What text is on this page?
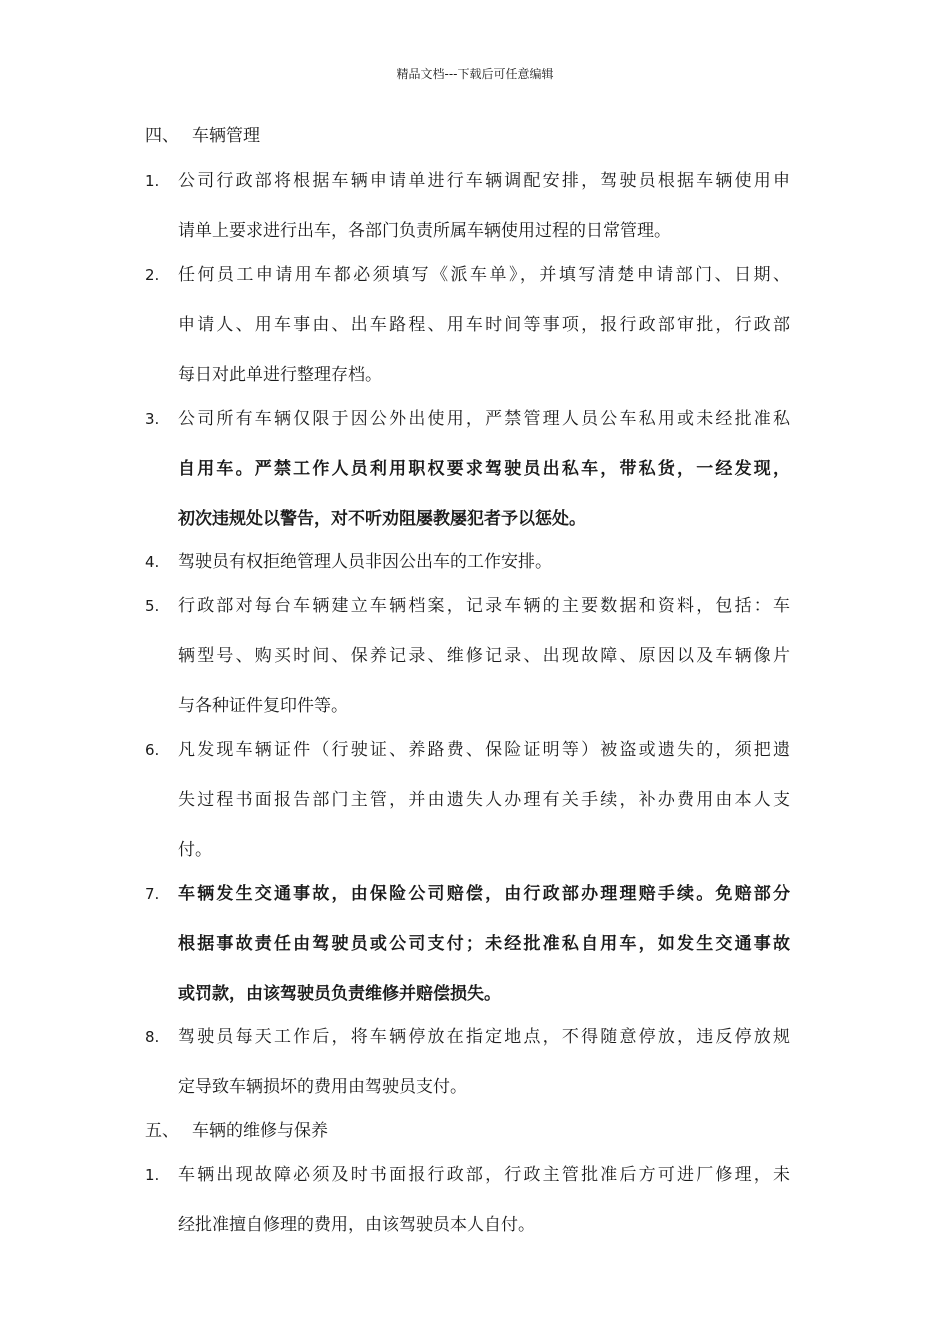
精品文档---下载后可任意编辑
四、 车辆管理
1. 公司行政部将根据车辆申请单进行车辆调配安排，驾驶员根据车辆使用申
请单上要求进行出车，各部门负责所属车辆使用过程的日常管理。
2. 任何员工申请用车都必须填写《派车单》，并填写清楚申请部门、日期、
申请人、用车事由、出车路程、用车时间等事项，报行政部审批，行政部
每日对此单进行整理存档。
3. 公司所有车辆仅限于因公外出使用，严禁管理人员公车私用或未经批准私
自用车。严禁工作人员利用职权要求驾驶员出私车，带私货，一经发现，
初次违规处以警告，对不听劝阻屡教屡犯者予以惩处。
4. 驾驶员有权拒绝管理人员非因公出车的工作安排。
5. 行政部对每台车辆建立车辆档案，记录车辆的主要数据和资料，包括：车
辆型号、购买时间、保养记录、维修记录、出现故障、原因以及车辆像片
与各种证件复印件等。
6. 凡发现车辆证件（行驶证、养路费、保险证明等）被盗或遗失的，须把遗
失过程书面报告部门主管，并由遗失人办理有关手续，补办费用由本人支
付。
7. 车辆发生交通事故，由保险公司赔偿，由行政部办理理赔手续。免赔部分
根据事故责任由驾驶员或公司支付；未经批准私自用车，如发生交通事故
或罚款，由该驾驶员负责维修并赔偿损失。
8. 驾驶员每天工作后，将车辆停放在指定地点，不得随意停放，违反停放规
定导致车辆损坏的费用由驾驶员支付。
五、 车辆的维修与保养
1. 车辆出现故障必须及时书面报行政部，行政主管批准后方可进厂修理，未
经批准擅自修理的费用，由该驾驶员本人自付。
